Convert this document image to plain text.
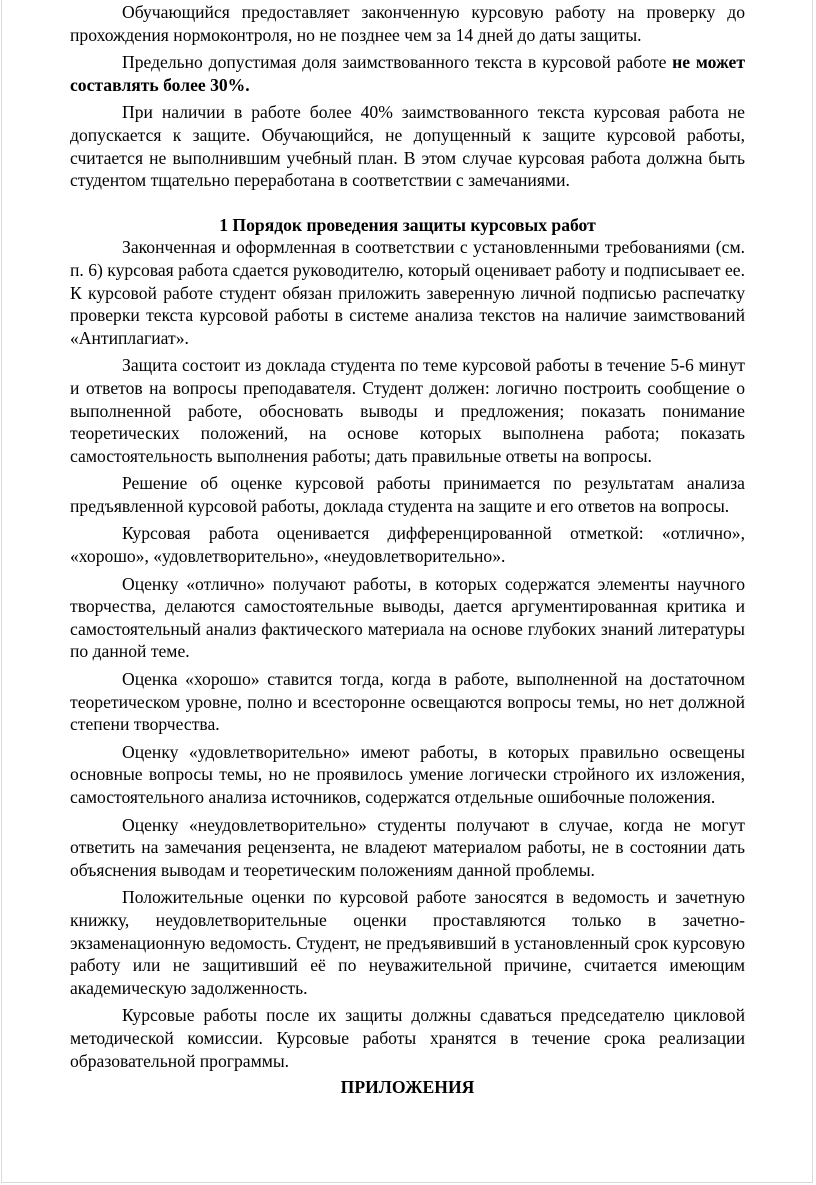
Обучающийся предоставляет законченную курсовую работу на проверку до прохождения нормоконтроля, но не позднее чем за 14 дней до даты защиты.

Предельно допустимая доля заимствованного текста в курсовой работе не может составлять более 30%.

При наличии в работе более 40% заимствованного текста курсовая работа не допускается к защите. Обучающийся, не допущенный к защите курсовой работы, считается не выполнившим учебный план. В этом случае курсовая работа должна быть студентом тщательно переработана в соответствии с замечаниями.

1 Порядок проведения защиты курсовых работ

Законченная и оформленная в соответствии с установленными требованиями (см. п. 6) курсовая работа сдается руководителю, который оценивает работу и подписывает ее. К курсовой работе студент обязан приложить заверенную личной подписью распечатку проверки текста курсовой работы в системе анализа текстов на наличие заимствований «Антиплагиат».

Защита состоит из доклада студента по теме курсовой работы в течение 5-6 минут и ответов на вопросы преподавателя. Студент должен: логично построить сообщение о выполненной работе, обосновать выводы и предложения; показать понимание теоретических положений, на основе которых выполнена работа; показать самостоятельность выполнения работы; дать правильные ответы на вопросы.

Решение об оценке курсовой работы принимается по результатам анализа предъявленной курсовой работы, доклада студента на защите и его ответов на вопросы.

Курсовая работа оценивается дифференцированной отметкой: «отлично», «хорошо», «удовлетворительно», «неудовлетворительно».

Оценку «отлично» получают работы, в которых содержатся элементы научного творчества, делаются самостоятельные выводы, дается аргументированная критика и самостоятельный анализ фактического материала на основе глубоких знаний литературы по данной теме.

Оценка «хорошо» ставится тогда, когда в работе, выполненной на достаточном теоретическом уровне, полно и всесторонне освещаются вопросы темы, но нет должной степени творчества.

Оценку «удовлетворительно» имеют работы, в которых правильно освещены основные вопросы темы, но не проявилось умение логически стройного их изложения, самостоятельного анализа источников, содержатся отдельные ошибочные положения.

Оценку «неудовлетворительно» студенты получают в случае, когда не могут ответить на замечания рецензента, не владеют материалом работы, не в состоянии дать объяснения выводам и теоретическим положениям данной проблемы.

Положительные оценки по курсовой работе заносятся в ведомость и зачетную книжку, неудовлетворительные оценки проставляются только в зачетно-экзаменационную ведомость. Студент, не предъявивший в установленный срок курсовую работу или не защитивший её по неуважительной причине, считается имеющим академическую задолженность.

Курсовые работы после их защиты должны сдаваться председателю цикловой методической комиссии. Курсовые работы хранятся в течение срока реализации образовательной программы.

ПРИЛОЖЕНИЯ
